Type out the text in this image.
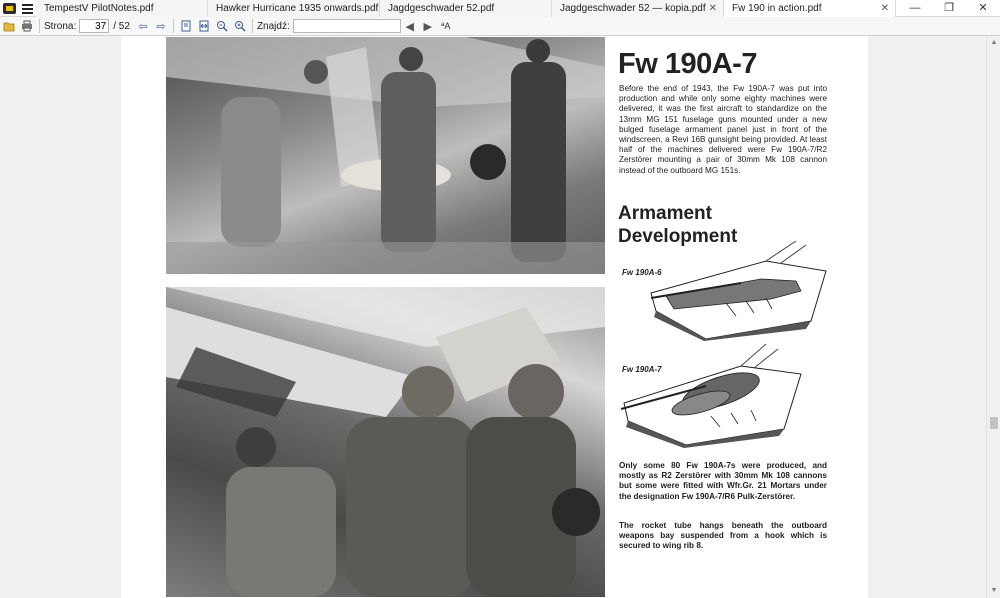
TempestV PilotNotes.pdf	Hawker Hurricane 1935 onwards.pdf Jagdgeschwader 52.pdf	Jagdgeschwader 52 — kopia.pdf ✕	Fw 190 in action.pdf	✕	—	❐	✕
Strona:
37	/ 52 ⇦ ⇨	Znajdź:	◀ ▶	ªA
Fw 190A-7
Before the end of 1943, the Fw 190A-7 was put into production and while only some eighty machines were delivered, it was the first aircraft to standardize on the 13mm MG 151 fuselage guns mounted under a new bulged fuselage armament panel just in front of the windscreen, a Revi 16B gunsight being provided. At least half of the machines delivered were Fw 190A-7/R2 Zerstörer mounting a pair of 30mm Mk 108 cannon instead of the outboard MG 151s.
Armament
Development
Fw 190A-6
Fw 190A-7
Only some 80 Fw 190A-7s were produced, and mostly as R2 Zerstörer with 30mm Mk 108 cannons but some were fitted with Wfr.Gr. 21 Mortars under the designation Fw 190A-7/R6 Pulk-Zerstörer.
The rocket tube hangs beneath the outboard weapons bay suspended from a hook which is secured to wing rib 8.
▲
▼
